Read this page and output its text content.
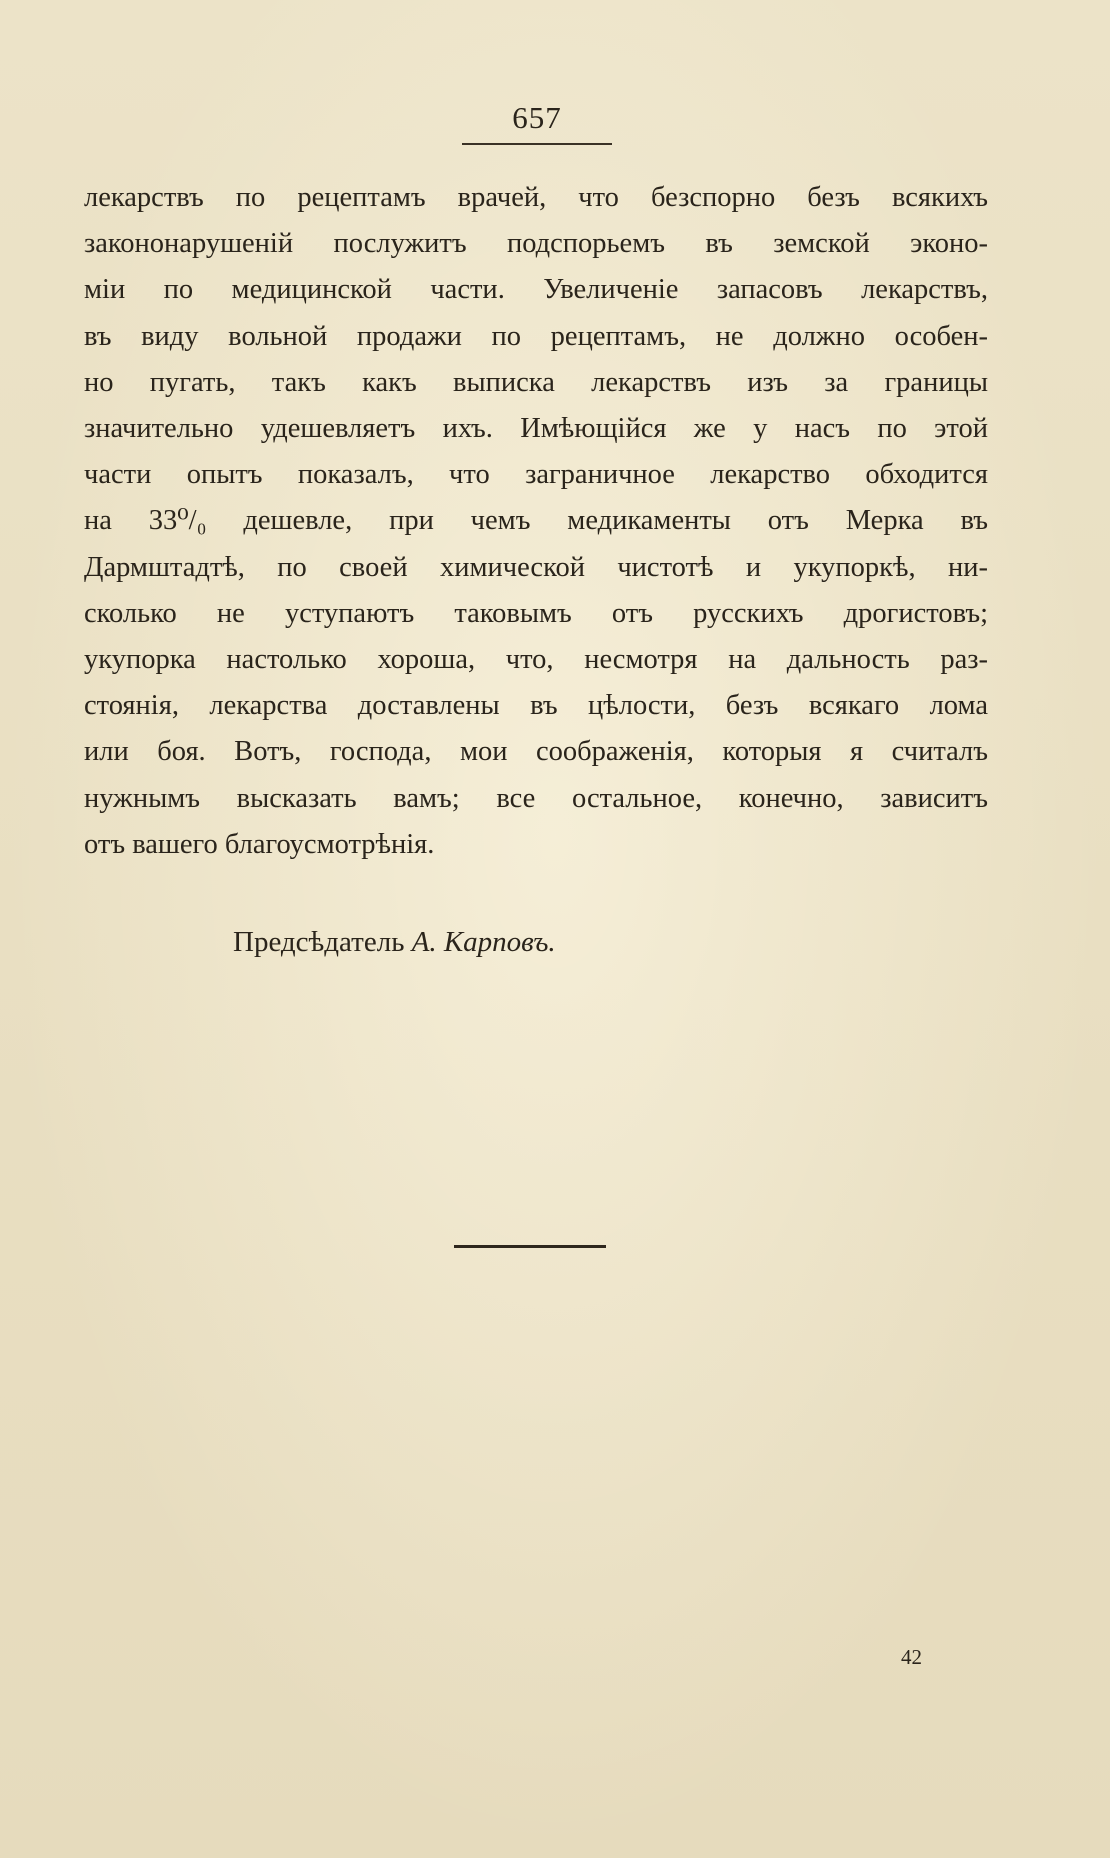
657
лекарствъ по рецептамъ врачей, что безспорно безъ всякихъ
закононарушеній послужитъ подспорьемъ въ земской эконо-
міи по медицинской части. Увеличеніе запасовъ лекарствъ,
въ виду вольной продажи по рецептамъ, не должно особен-
но пугать, такъ какъ выписка лекарствъ изъ за границы
значительно удешевляетъ ихъ. Имѣющійся же у насъ по этой
части опытъ показалъ, что заграничное лекарство обходится
на 33⁰/₀ дешевле, при чемъ медикаменты отъ Мерка въ
Дармштадтѣ, по своей химической чистотѣ и укупоркѣ, ни-
сколько не уступаютъ таковымъ отъ русскихъ дрогистовъ;
укупорка настолько хороша, что, несмотря на дальность раз-
стоянія, лекарства доставлены въ цѣлости, безъ всякаго лома
или боя. Вотъ, господа, мои соображенія, которыя я считалъ
нужнымъ высказать вамъ; все остальное, конечно, зависитъ
отъ вашего благоусмотрѣнія.
Предсѣдатель А. Карповъ.
42
